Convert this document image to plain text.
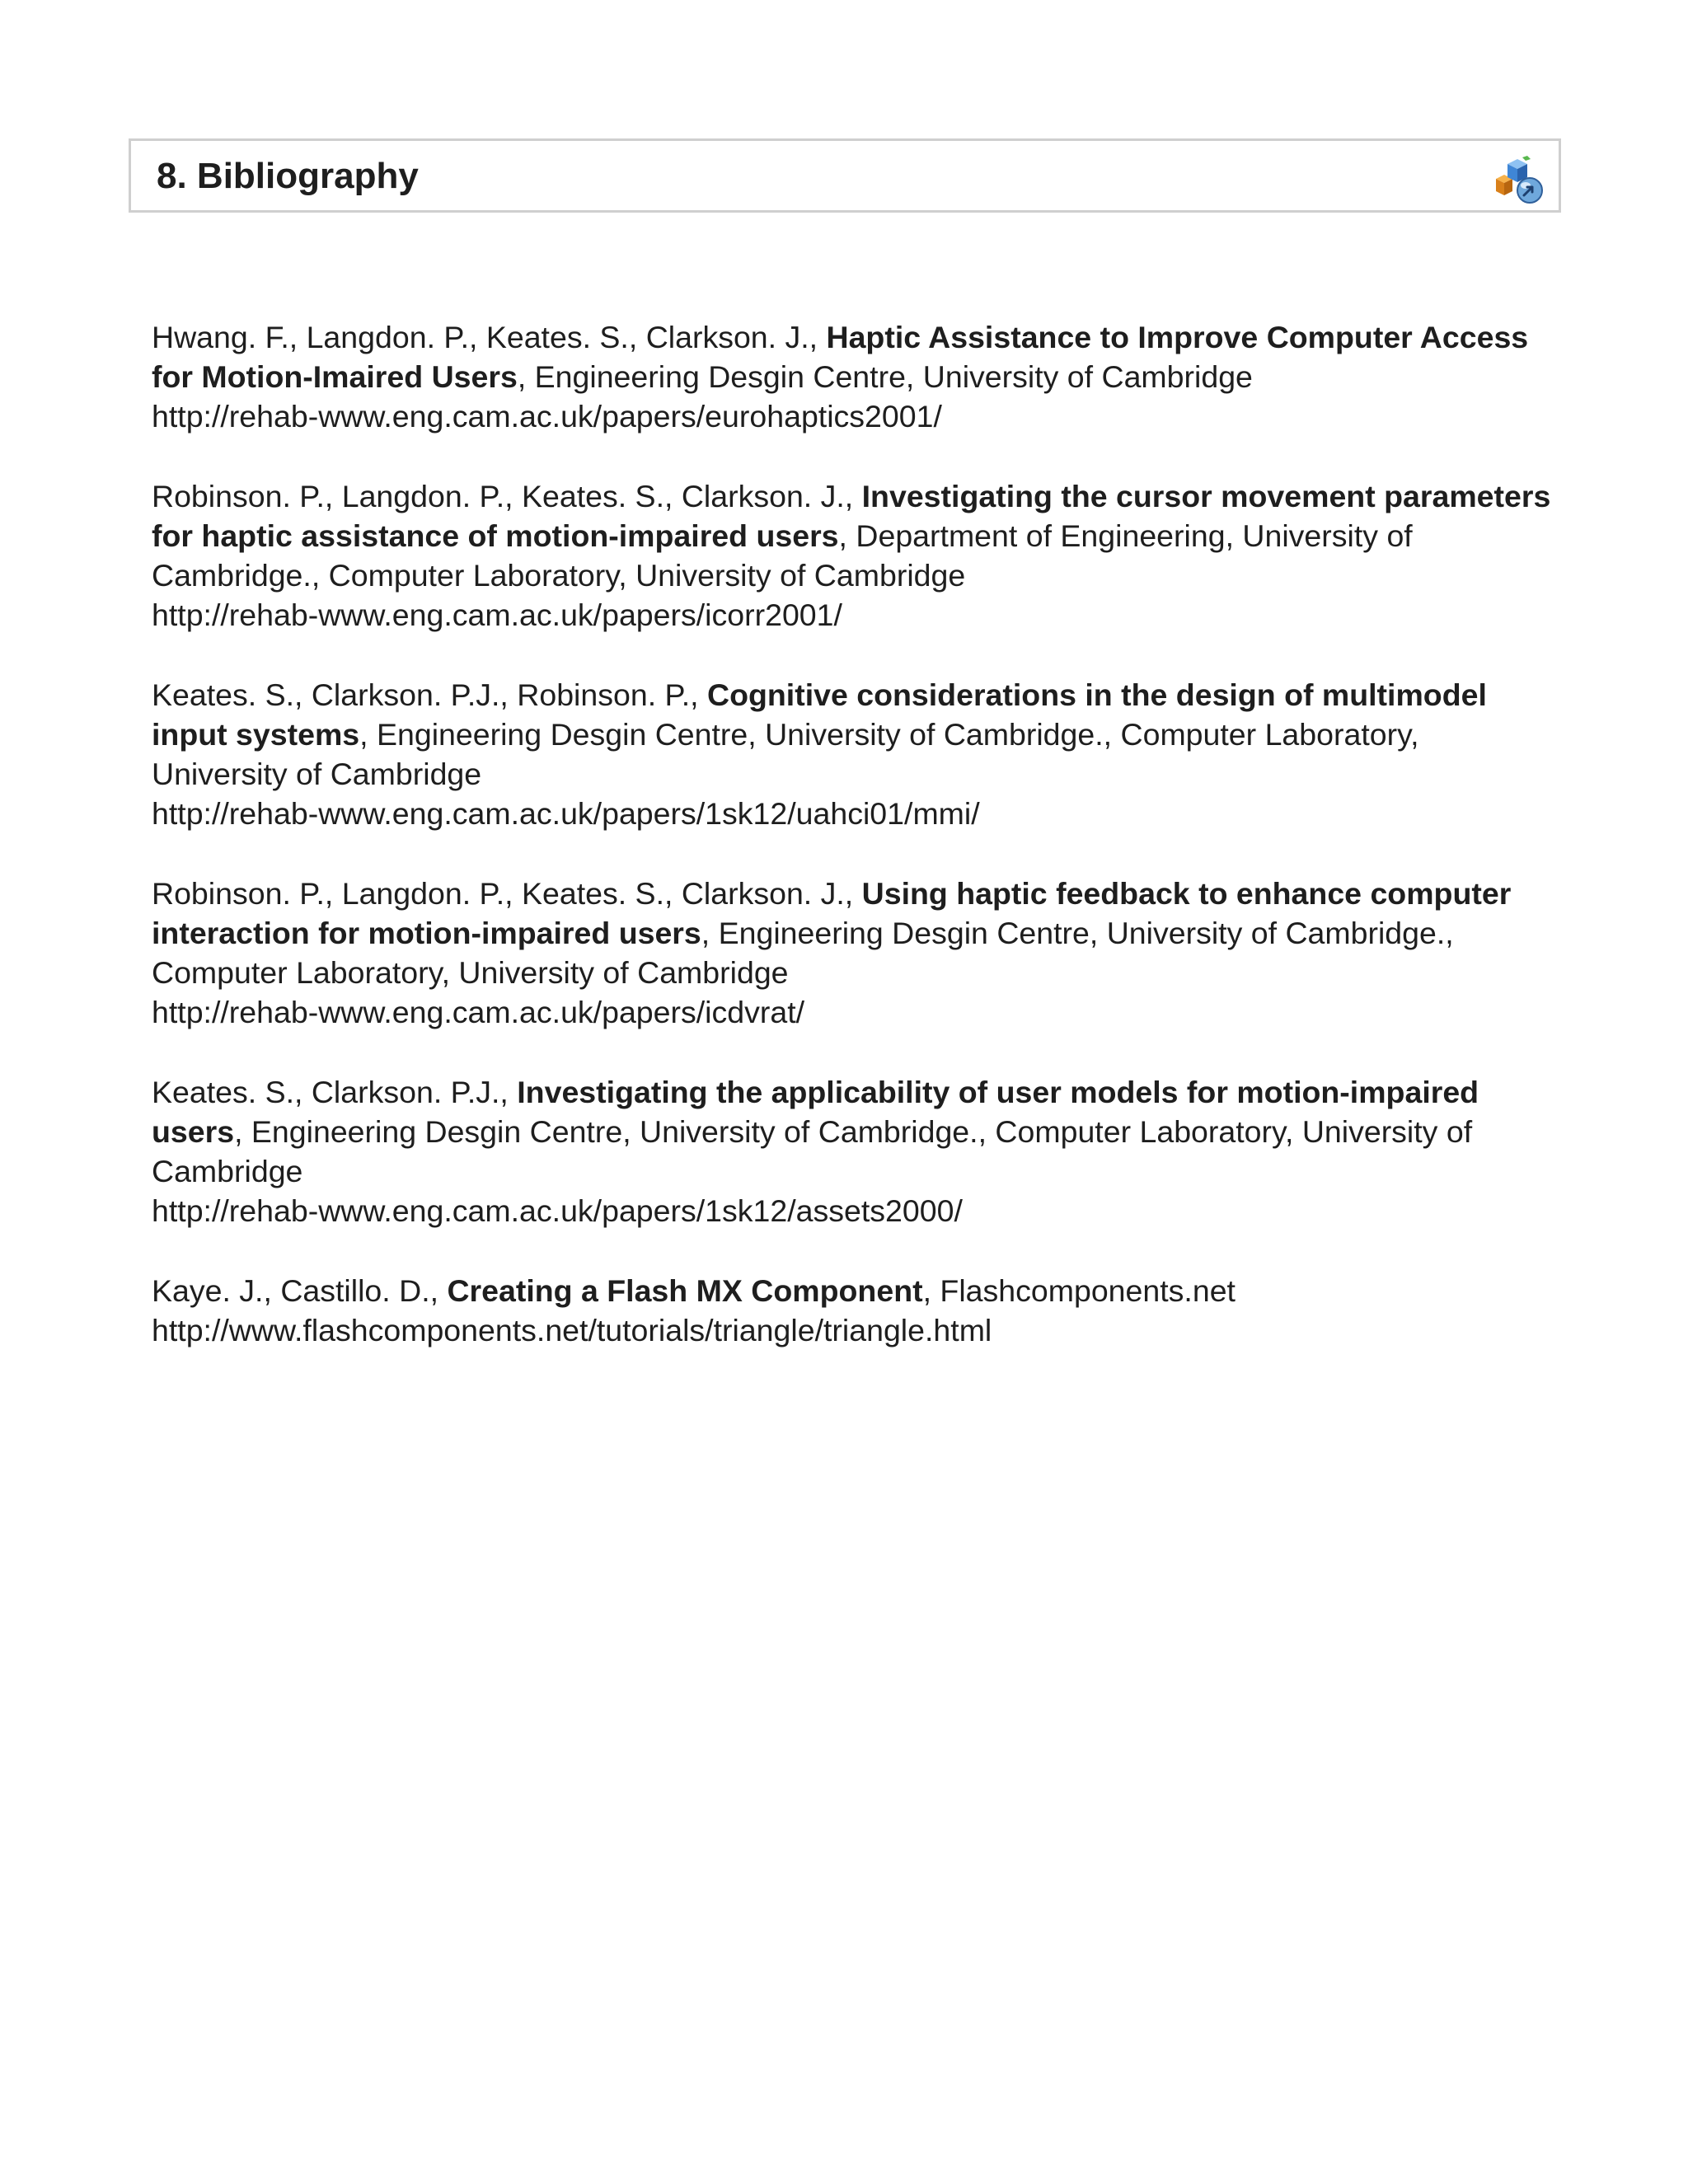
8. Bibliography

Hwang. F., Langdon. P., Keates. S., Clarkson. J., Haptic Assistance to Improve Computer Access for Motion-Imaired Users, Engineering Desgin Centre, University of Cambridge
http://rehab-www.eng.cam.ac.uk/papers/eurohaptics2001/

Robinson. P., Langdon. P., Keates. S., Clarkson. J., Investigating the cursor movement parameters for haptic assistance of motion-impaired users, Department of Engineering, University of Cambridge., Computer Laboratory, University of Cambridge
http://rehab-www.eng.cam.ac.uk/papers/icorr2001/

Keates. S., Clarkson. P.J., Robinson. P., Cognitive considerations in the design of multimodel input systems, Engineering Desgin Centre, University of Cambridge., Computer Laboratory, University of Cambridge
http://rehab-www.eng.cam.ac.uk/papers/1sk12/uahci01/mmi/

Robinson. P., Langdon. P., Keates. S., Clarkson. J., Using haptic feedback to enhance computer interaction for motion-impaired users, Engineering Desgin Centre, University of Cambridge., Computer Laboratory, University of Cambridge
http://rehab-www.eng.cam.ac.uk/papers/icdvrat/

Keates. S., Clarkson. P.J., Investigating the applicability of user models for motion-impaired users, Engineering Desgin Centre, University of Cambridge., Computer Laboratory, University of Cambridge
http://rehab-www.eng.cam.ac.uk/papers/1sk12/assets2000/

Kaye. J., Castillo. D., Creating a Flash MX Component, Flashcomponents.net
http://www.flashcomponents.net/tutorials/triangle/triangle.html
